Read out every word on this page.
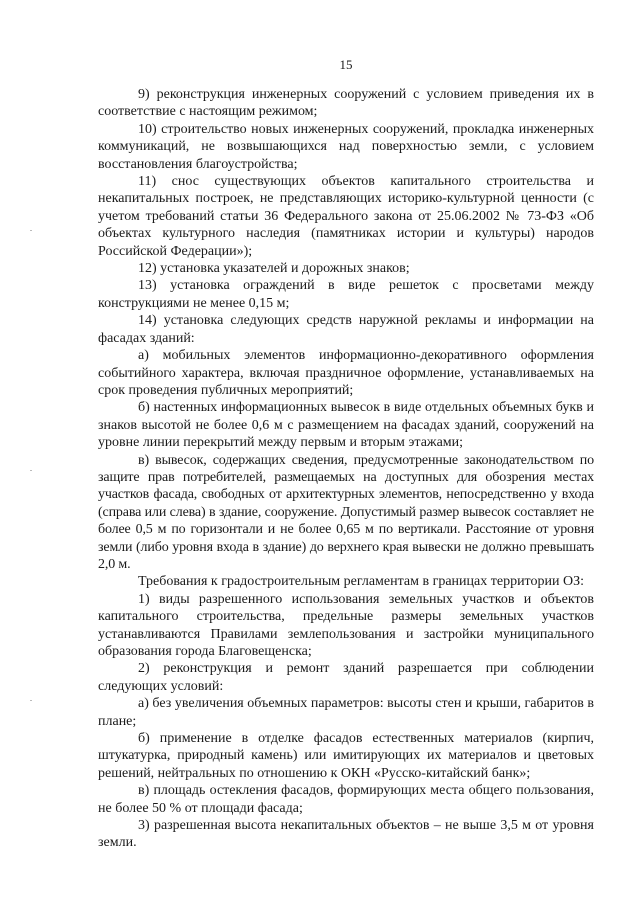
15

9) реконструкция инженерных сооружений с условием приведения их в соответствие с настоящим режимом;

10) строительство новых инженерных сооружений, прокладка инженерных коммуникаций, не возвышающихся над поверхностью земли, с условием восстановления благоустройства;

11) снос существующих объектов капитального строительства и некапитальных построек, не представляющих историко-культурной ценности (с учетом требований статьи 36 Федерального закона от 25.06.2002 № 73-ФЗ «Об объектах культурного наследия (памятниках истории и культуры) народов Российской Федерации»);

12) установка указателей и дорожных знаков;

13) установка ограждений в виде решеток с просветами между конструкциями не менее 0,15 м;

14) установка следующих средств наружной рекламы и информации на фасадах зданий:

а) мобильных элементов информационно-декоративного оформления событийного характера, включая праздничное оформление, устанавливаемых на срок проведения публичных мероприятий;

б) настенных информационных вывесок в виде отдельных объемных букв и знаков высотой не более 0,6 м с размещением на фасадах зданий, сооружений на уровне линии перекрытий между первым и вторым этажами;

в) вывесок, содержащих сведения, предусмотренные законодательством по защите прав потребителей, размещаемых на доступных для обозрения местах участков фасада, свободных от архитектурных элементов, непосредственно у входа (справа или слева) в здание, сооружение. Допустимый размер вывесок составляет не более 0,5 м по горизонтали и не более 0,65 м по вертикали. Расстояние от уровня земли (либо уровня входа в здание) до верхнего края вывески не должно превышать 2,0 м.

Требования к градостроительным регламентам в границах территории ОЗ:

1) виды разрешенного использования земельных участков и объектов капитального строительства, предельные размеры земельных участков устанавливаются Правилами землепользования и застройки муниципального образования города Благовещенска;

2) реконструкция и ремонт зданий разрешается при соблюдении следующих условий:

а) без увеличения объемных параметров: высоты стен и крыши, габаритов в плане;

б) применение в отделке фасадов естественных материалов (кирпич, штукатурка, природный камень) или имитирующих их материалов и цветовых решений, нейтральных по отношению к ОКН «Русско-китайский банк»;

в) площадь остекления фасадов, формирующих места общего пользования, не более 50 % от площади фасада;

3) разрешенная высота некапитальных объектов – не выше 3,5 м от уровня земли.
